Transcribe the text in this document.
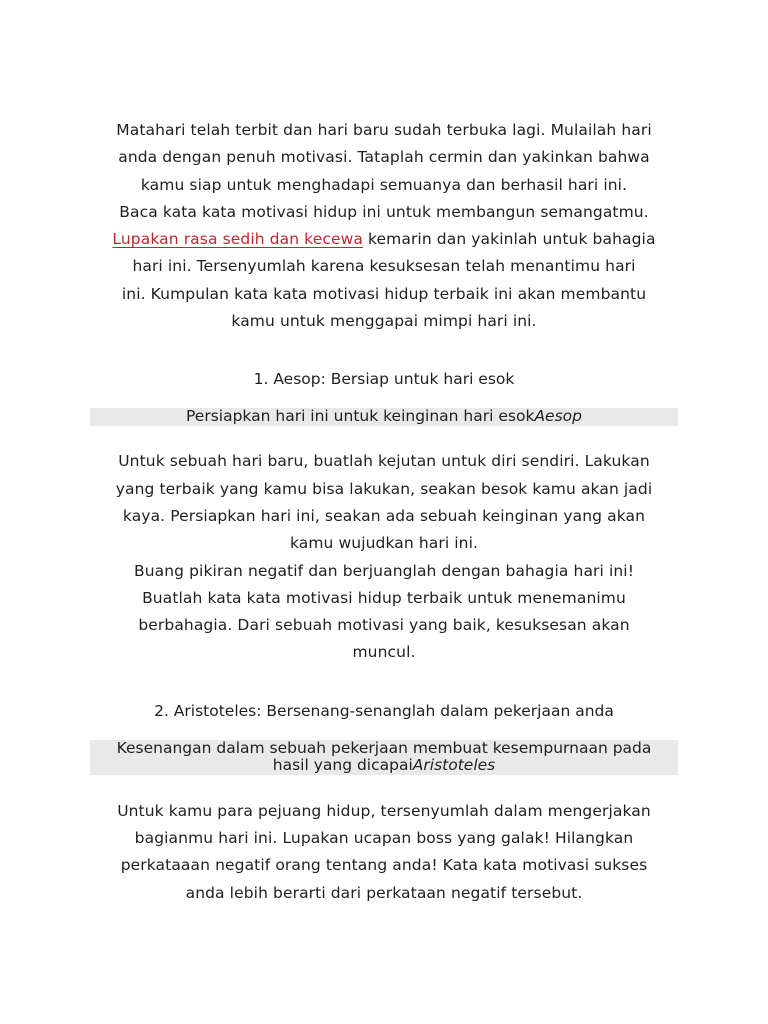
Matahari telah terbit dan hari baru sudah terbuka lagi. Mulailah hari
anda dengan penuh motivasi. Tataplah cermin dan yakinkan bahwa
kamu siap untuk menghadapi semuanya dan berhasil hari ini.
Baca kata kata motivasi hidup ini untuk membangun semangatmu.

Lupakan rasa sedih dan kecewa kemarin dan yakinlah untuk bahagia
hari ini. Tersenyumlah karena kesuksesan telah menantimu hari
ini. Kumpulan kata kata motivasi hidup terbaik ini akan membantu
kamu untuk menggapai mimpi hari ini.

1. Aesop: Bersiap untuk hari esok

Persiapkan hari ini untuk keinginan hari esokAesop

Untuk sebuah hari baru, buatlah kejutan untuk diri sendiri. Lakukan
yang terbaik yang kamu bisa lakukan, seakan besok kamu akan jadi
kaya. Persiapkan hari ini, seakan ada sebuah keinginan yang akan
kamu wujudkan hari ini.

Buang pikiran negatif dan berjuanglah dengan bahagia hari ini!
Buatlah kata kata motivasi hidup terbaik untuk menemanimu
berbahagia. Dari sebuah motivasi yang baik, kesuksesan akan
muncul.

2. Aristoteles: Bersenang-senanglah dalam pekerjaan anda

Kesenangan dalam sebuah pekerjaan membuat kesempurnaan pada
hasil yang dicapaiAristoteles

Untuk kamu para pejuang hidup, tersenyumlah dalam mengerjakan
bagianmu hari ini. Lupakan ucapan boss yang galak! Hilangkan
perkataaan negatif orang tentang anda! Kata kata motivasi sukses
anda lebih berarti dari perkataan negatif tersebut.
